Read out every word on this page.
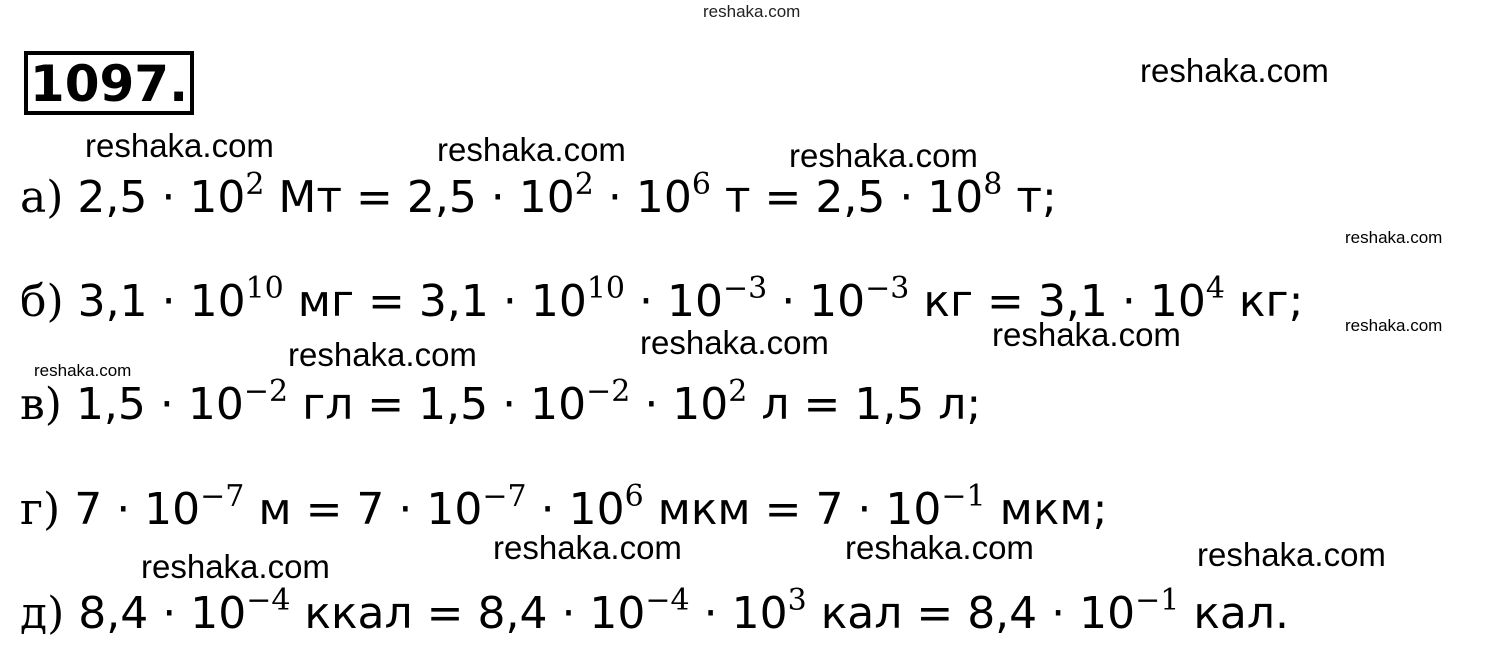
reshaka.com
reshaka.com
reshaka.com	reshaka.com	reshaka.com
reshaka.com
reshaka.com
reshaka.com
reshaka.com
reshaka.com
reshaka.com
reshaka.com	reshaka.com	reshaka.com
reshaka.com
1097.
а) $2,5 \cdot 10^2$ Мт = $2,5 \cdot 10^2 \cdot 10^6$ $т = 2,5 \cdot 10^8$ т;
б) $3,1 \cdot 10^{10}$ мг = $3,1 \cdot 10^{10} \cdot 10^{-3} \cdot 10^{-3}$ кг = $3,1 \cdot 10^4$ кг;
в) $1,5 \cdot 10^{-2}$ гл = $1,5 \cdot 10^{-2} \cdot 10^2$ л = 1,5 л;
г) $7 \cdot 10^{-7}$ $м = 7 \cdot 10^{-7} \cdot 10^6$ мкм = $7 \cdot 10^{-1}$ мкм;
д) $8,4 \cdot 10^{-4}$ ккал = $8,4 \cdot 10^{-4} \cdot 10^3$ кал = $8,4 \cdot 10^{-1}$ кал.
